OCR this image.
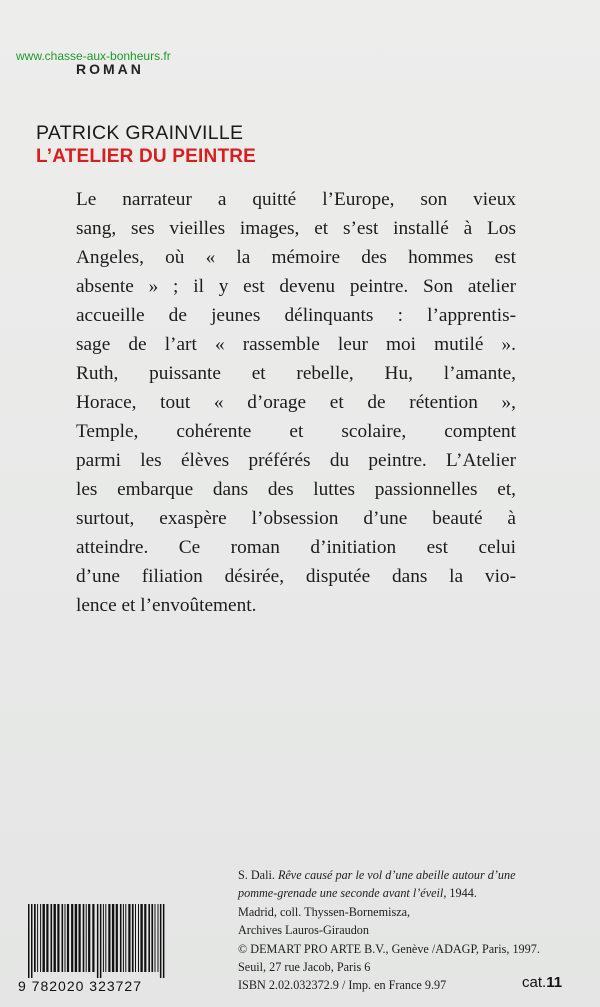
www.chasse-aux-bonheurs.fr
ROMAN
PATRICK GRAINVILLE
L’ATELIER DU PEINTRE
Le narrateur a quitté l’Europe, son vieux
sang, ses vieilles images, et s’est installé à Los
Angeles, où « la mémoire des hommes est
absente » ; il y est devenu peintre. Son atelier
accueille de jeunes délinquants : l’apprentis-
sage de l’art « rassemble leur moi mutilé ».
Ruth, puissante et rebelle, Hu, l’amante,
Horace, tout « d’orage et de rétention »,
Temple, cohérente et scolaire, comptent
parmi les élèves préférés du peintre. L’Atelier
les embarque dans des luttes passionnelles et,
surtout, exaspère l’obsession d’une beauté à
atteindre. Ce roman d’initiation est celui
d’une filiation désirée, disputée dans la vio-
lence et l’envoûtement.
S. Dali. Rêve causé par le vol d’une abeille autour d’une
pomme-grenade une seconde avant l’éveil, 1944.
Madrid, coll. Thyssen-Bornemisza,
Archives Lauros-Giraudon
© DEMART PRO ARTE B.V., Genève /ADAGP, Paris, 1997.
Seuil, 27 rue Jacob, Paris 6
ISBN 2.02.032372.9 / Imp. en France 9.97
9 782020 323727	cat.11
